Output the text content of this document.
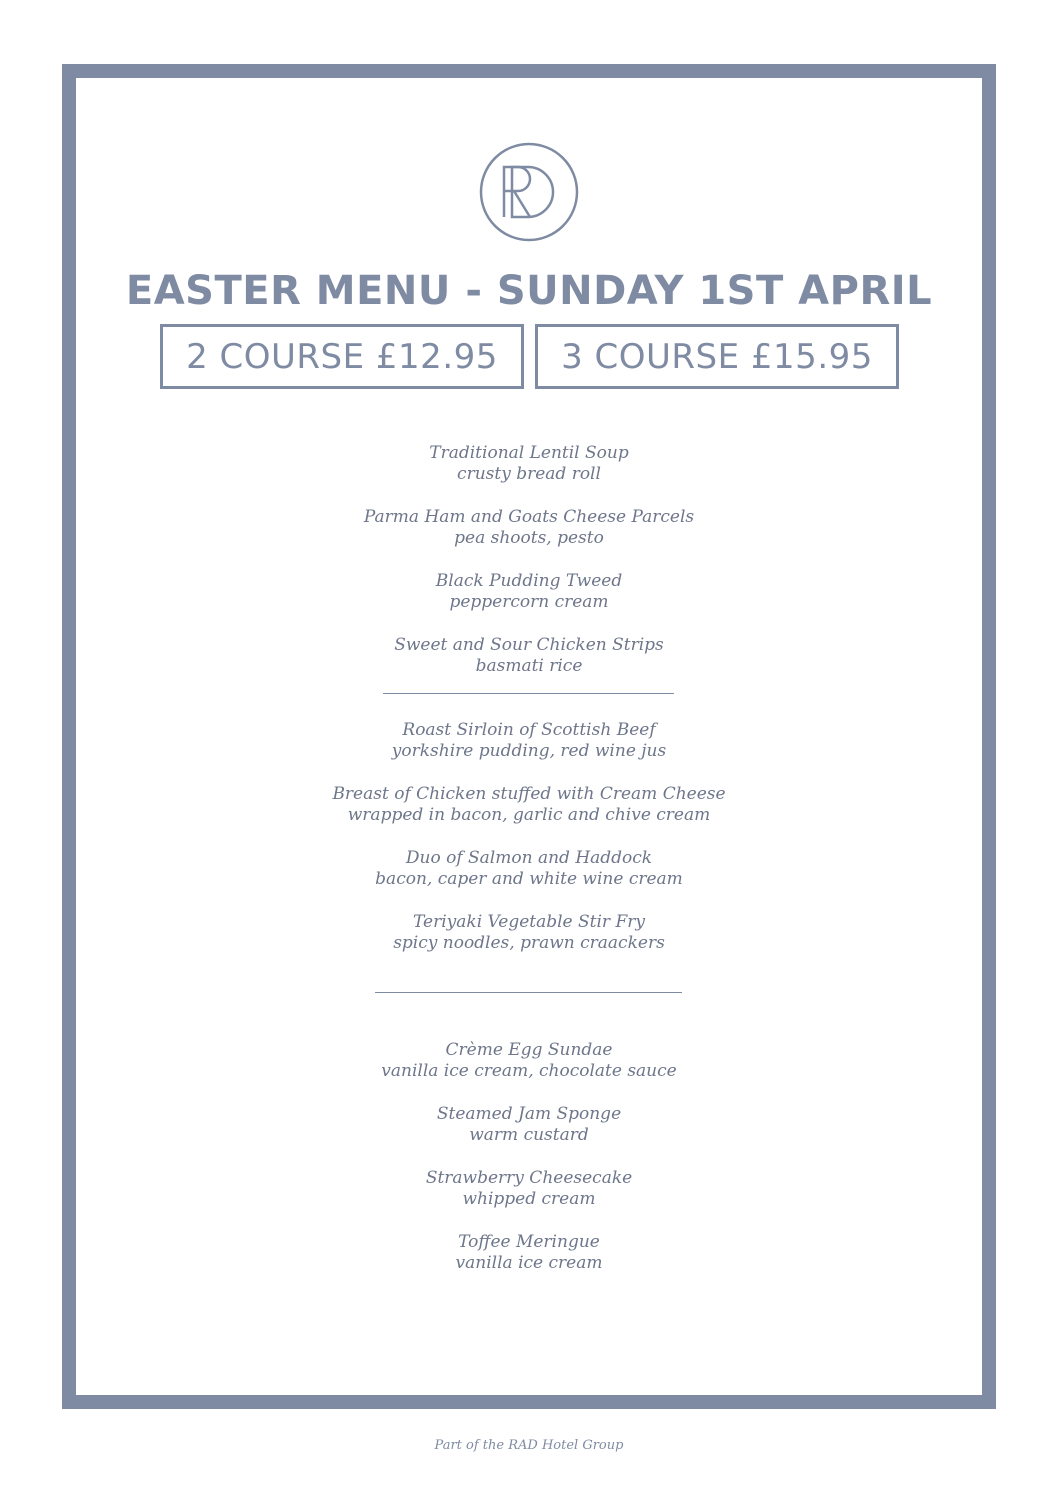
EASTER MENU - SUNDAY 1ST APRIL
2 COURSE £12.95	3 COURSE £15.95
Traditional Lentil Soup
crusty bread roll
Parma Ham and Goats Cheese Parcels
pea shoots, pesto
Black Pudding Tweed
peppercorn cream
Sweet and Sour Chicken Strips
basmati rice
Roast Sirloin of Scottish Beef
yorkshire pudding, red wine jus
Breast of Chicken stuffed with Cream Cheese
wrapped in bacon, garlic and chive cream
Duo of Salmon and Haddock
bacon, caper and white wine cream
Teriyaki Vegetable Stir Fry
spicy noodles, prawn craackers
Crème Egg Sundae
vanilla ice cream, chocolate sauce
Steamed Jam Sponge
warm custard
Strawberry Cheesecake
whipped cream
Toffee Meringue
vanilla ice cream
Part of the RAD Hotel Group
